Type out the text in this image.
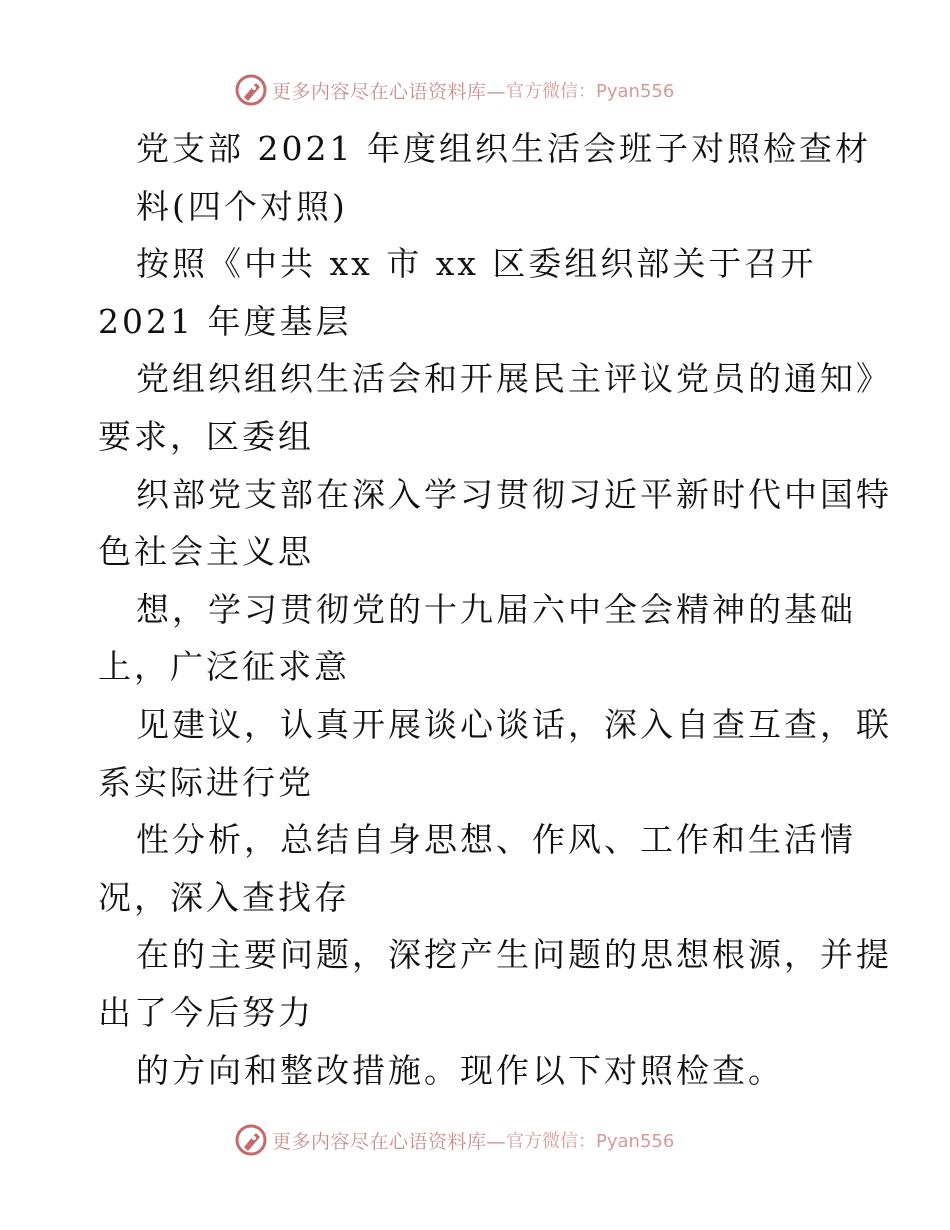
更多内容尽在心语资料库— 官方微信：Pyan556
党支部 2021 年度组织生活会班子对照检查材
料(四个对照)
按照《中共 xx 市 xx 区委组织部关于召开
2021 年度基层
党组织组织生活会和开展民主评议党员的通知》
要求，区委组
织部党支部在深入学习贯彻习近平新时代中国特
色社会主义思
想，学习贯彻党的十九届六中全会精神的基础
上，广泛征求意
见建议，认真开展谈心谈话，深入自查互查，联
系实际进行党
性分析，总结自身思想、作风、工作和生活情
况，深入查找存
在的主要问题，深挖产生问题的思想根源，并提
出了今后努力
的方向和整改措施。现作以下对照检查。
更多内容尽在心语资料库— 官方微信：Pyan556
